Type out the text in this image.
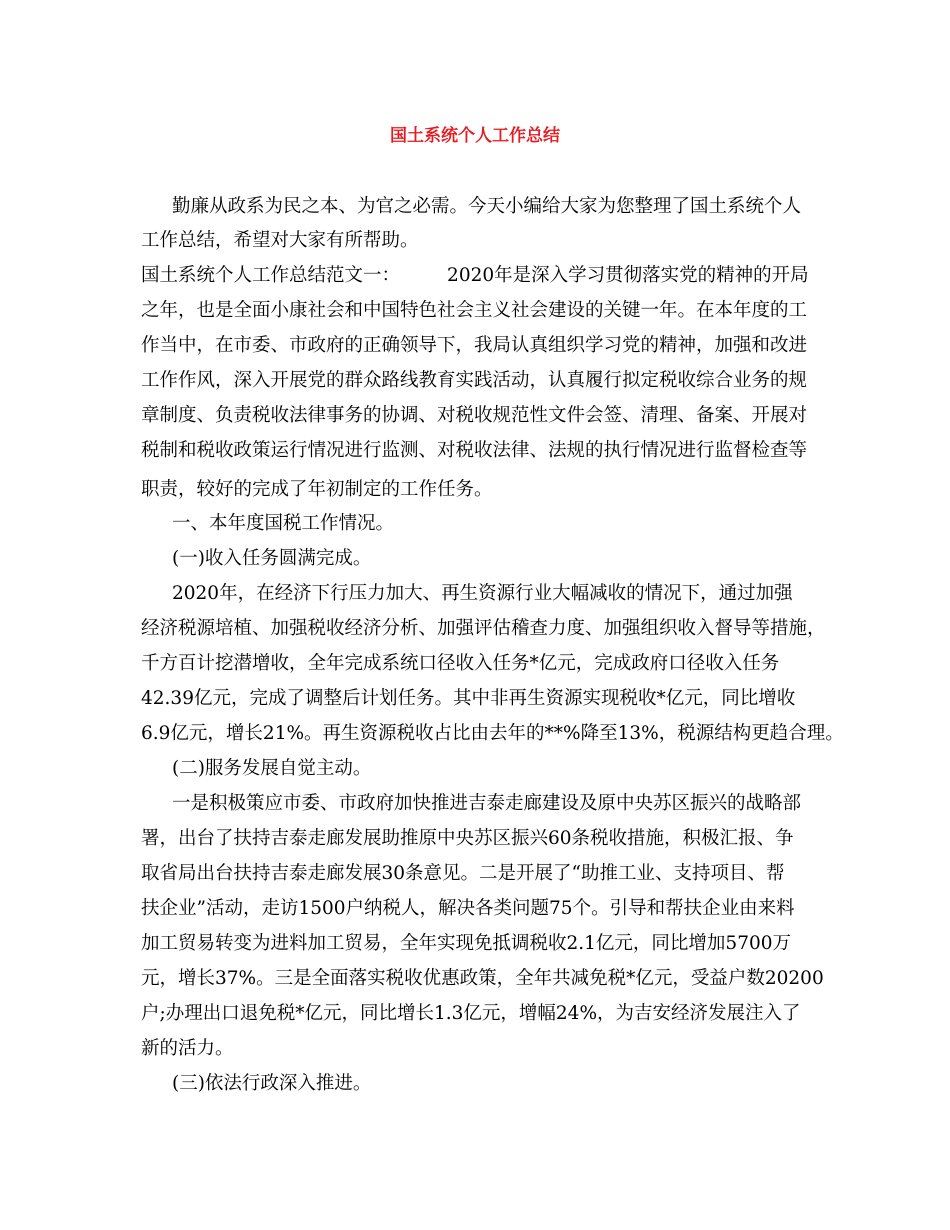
国土系统个人工作总结

勤廉从政系为民之本、为官之必需。今天小编给大家为您整理了国土系统个人

工作总结，希望对大家有所帮助。

国土系统个人工作总结范文一：        2020年是深入学习贯彻落实党的精神的开局

之年，也是全面小康社会和中国特色社会主义社会建设的关键一年。在本年度的工

作当中，在市委、市政府的正确领导下，我局认真组织学习党的精神，加强和改进

工作作风，深入开展党的群众路线教育实践活动，认真履行拟定税收综合业务的规

章制度、负责税收法律事务的协调、对税收规范性文件会签、清理、备案、开展对

税制和税收政策运行情况进行监测、对税收法律、法规的执行情况进行监督检查等

职责，较好的完成了年初制定的工作任务。

一、本年度国税工作情况。

(一)收入任务圆满完成。

2020年，在经济下行压力加大、再生资源行业大幅减收的情况下，通过加强

经济税源培植、加强税收经济分析、加强评估稽查力度、加强组织收入督导等措施，

千方百计挖潜增收，全年完成系统口径收入任务*亿元，完成政府口径收入任务

42.39亿元，完成了调整后计划任务。其中非再生资源实现税收*亿元，同比增收

6.9亿元，增长21%。再生资源税收占比由去年的**%降至13%，税源结构更趋合理。

(二)服务发展自觉主动。

一是积极策应市委、市政府加快推进吉泰走廊建设及原中央苏区振兴的战略部

署，出台了扶持吉泰走廊发展助推原中央苏区振兴60条税收措施，积极汇报、争

取省局出台扶持吉泰走廊发展30条意见。二是开展了“助推工业、支持项目、帮

扶企业”活动，走访1500户纳税人，解决各类问题75个。引导和帮扶企业由来料

加工贸易转变为进料加工贸易，全年实现免抵调税收2.1亿元，同比增加5700万

元，增长37%。三是全面落实税收优惠政策，全年共减免税*亿元，受益户数20200

户;办理出口退免税*亿元，同比增长1.3亿元，增幅24%，为吉安经济发展注入了

新的活力。

(三)依法行政深入推进。
